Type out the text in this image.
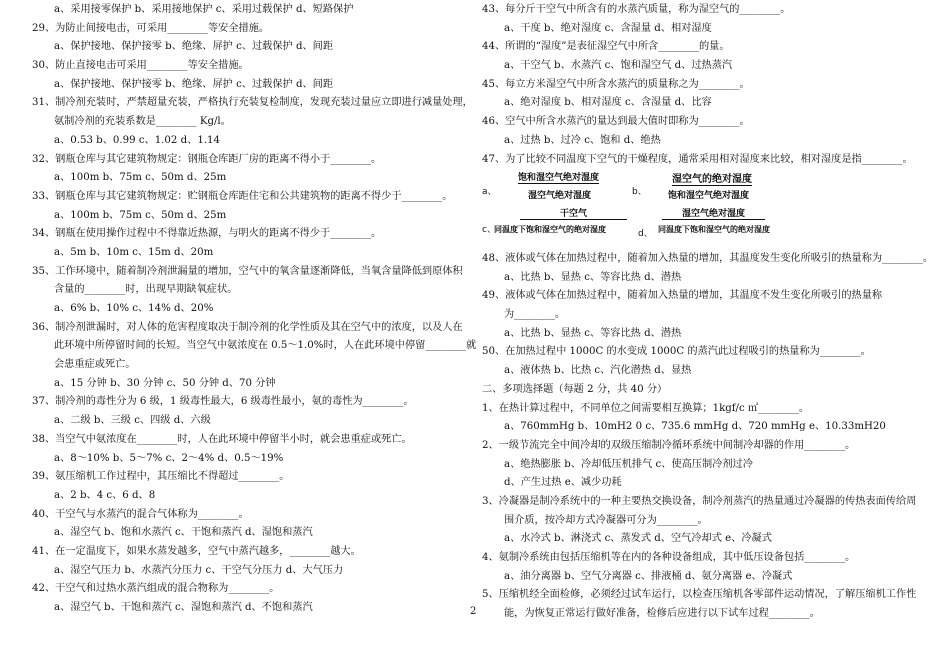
a、采用接零保护 b、采用接地保护 c、采用过载保护 d、短路保护
29、为防止间接电击，可采用________等安全措施。
a、保护接地、保护接零 b、绝缘、屏护 c、过载保护 d、间距
30、防止直接电击可采用________等安全措施。
a、保护接地、保护接零 b、绝缘、屏护 c、过载保护 d、间距
31、制冷剂充装时，严禁超量充装，严格执行充装复检制度，发现充装过量应立即进行减量处理，
氨制冷剂的充装系数是________ Kg/l。
a、0.53 b、0.99 c、1.02 d、1.14
32、钢瓶仓库与其它建筑物规定：钢瓶仓库距厂房的距离不得小于________。
a、100m b、75m c、50m d、25m
33、钢瓶仓库与其它建筑物规定：贮钢瓶仓库距住宅和公共建筑物的距离不得少于________。
a、100m b、75m c、50m d、25m
34、钢瓶在使用操作过程中不得靠近热源，与明火的距离不得少于________。
a、5m b、10m c、15m d、20m
35、工作环境中，随着制冷剂泄漏量的增加，空气中的氧含量逐渐降低，当氧含量降低到原体积
含量的________时，出现早期缺氧症状。
a、6% b、10% c、14% d、20%
36、制冷剂泄漏时，对人体的危害程度取决于制冷剂的化学性质及其在空气中的浓度，以及人在
此环境中所停留时间的长短。当空气中氨浓度在 0.5～1.0%时，人在此环境中停留________就
会患重症或死亡。
a、15 分钟 b、30 分钟 c、50 分钟 d、70 分钟
37、制冷剂的毒性分为 6 级，1 级毒性最大，6 级毒性最小，氨的毒性为________。
a、二级 b、三级 c、四级 d、六级
38、当空气中氨浓度在________时，人在此环境中停留半小时，就会患重症或死亡。
a、8～10% b、5～7% c、2～4% d、0.5～19%
39、氨压缩机工作过程中，其压缩比不得超过________。
a、2 b、4 c、6 d、8
40、干空气与水蒸汽的混合气体称为________。
a、湿空气 b、饱和水蒸汽 c、干饱和蒸汽 d、湿饱和蒸汽
41、在一定温度下，如果水蒸发越多，空气中蒸汽越多，________越大。
a、湿空气压力 b、水蒸汽分压力 c、干空气分压力 d、大气压力
42、干空气和过热水蒸汽组成的混合物称为________。
a、湿空气 b、干饱和蒸汽 c、湿饱和蒸汽 d、不饱和蒸汽
43、每分斤干空气中所含有的水蒸汽质量，称为湿空气的________。
a、干度 b、绝对湿度 c、含湿量 d、相对湿度
44、所谓的“湿度”是表征湿空气中所含________的量。
a、干空气 b、水蒸汽 c、饱和湿空气 d、过热蒸汽
45、每立方米湿空气中所含水蒸汽的质量称之为________。
a、绝对湿度 b、相对湿度 c、含湿量 d、比容
46、空气中所含水蒸汽的量达到最大值时即称为________。
a、过热 b、过冷 c、饱和 d、绝热
47、为了比较不同温度下空气的干燥程度，通常采用相对湿度来比较，相对湿度是指________。
a、
饱和湿空气绝对湿度
湿空气绝对湿度	b、
湿空气的绝对湿度
饱和湿空气绝对湿度
干空气
c、
同温度下饱和湿空气的绝对湿度
湿空气绝对湿度
d、 同温度下饱和湿空气的绝对湿度
48、液体或气体在加热过程中，随着加入热量的增加，其温度发生变化所吸引的热量称为________。
a、比热 b、显热 c、等容比热 d、潜热
49、液体或气体在加热过程中，随着加入热量的增加，其温度不发生变化所吸引的热量称
为________。
a、比热 b、显热 c、等容比热 d、潜热
50、在加热过程中 1000C 的水变成 1000C 的蒸汽此过程吸引的热量称为________。
a、液体热 b、比热 c、汽化潜热 d、显热
二、多项选择题（每题 2 分，共 40 分）
1、在热计算过程中，不同单位之间需要相互换算；1kgf/c ㎡________。
a、760mmHg b、10mH2 0 c、735.6 mmHg d、720 mmHg e、10.33mH20
2、一级节流完全中间冷却的双级压缩制冷循环系统中间制冷却器的作用________。
a、绝热膨胀 b、冷却低压机排气 c、使高压制冷剂过冷
d、产生过热 e、减少功耗
3、冷凝器是制冷系统中的一种主要热交换设备，制冷剂蒸汽的热量通过冷凝器的传热表面传给周
围介质，按冷却方式冷凝器可分为________。
a、水冷式 b、淋浇式 c、蒸发式 d、空气冷却式 e、冷凝式
4、氨制冷系统由包括压缩机等在内的各种设备组成，其中低压设备包括________。
a、油分离器 b、空气分离器 c、排液桶 d、氨分离器 e、冷凝式
5、压缩机经全面检修，必须经过试车运行，以检查压缩机各零部件运动情况，了解压缩机工作性
能，为恢复正常运行做好准备，检修后应进行以下试车过程________。
2
